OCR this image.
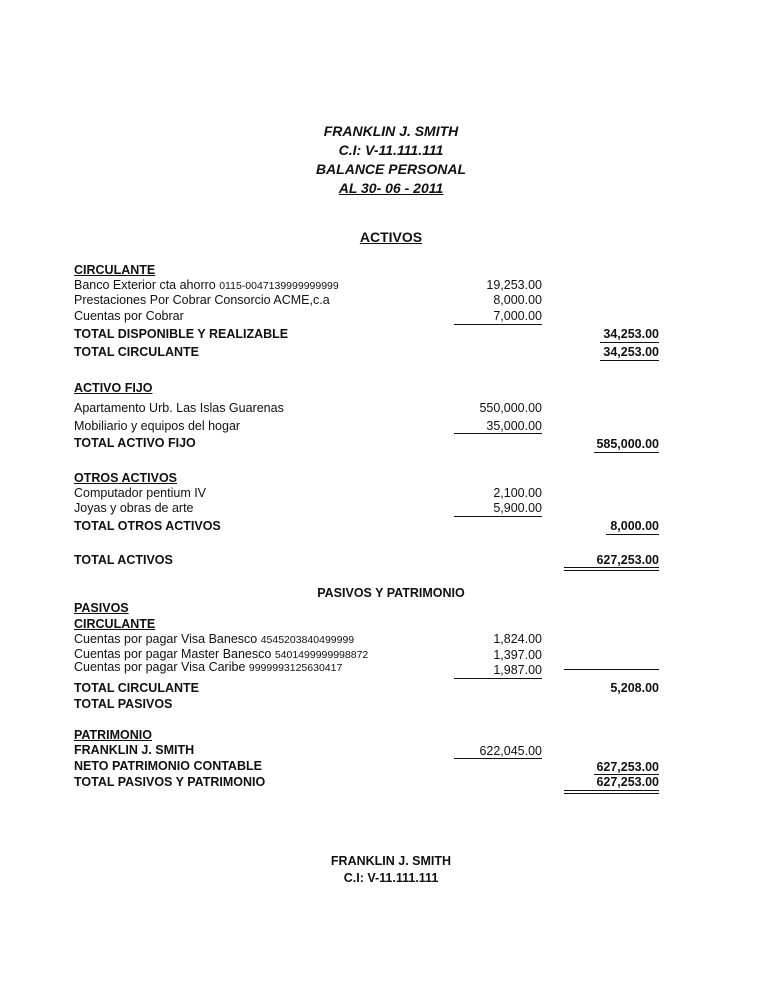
FRANKLIN J. SMITH
C.I: V-11.111.111
BALANCE PERSONAL
AL 30- 06 - 2011
ACTIVOS
CIRCULANTE
Banco Exterior cta ahorro 0115-0047139999999999	19,253.00
Prestaciones Por Cobrar Consorcio ACME,c.a	8,000.00
Cuentas por Cobrar	7,000.00
TOTAL DISPONIBLE Y REALIZABLE	34,253.00
TOTAL CIRCULANTE	34,253.00
ACTIVO FIJO
Apartamento Urb. Las Islas Guarenas	550,000.00
Mobiliario y equipos del hogar	35,000.00
TOTAL ACTIVO FIJO	585,000.00
OTROS ACTIVOS
Computador pentium IV	2,100.00
Joyas y obras de arte	5,900.00
TOTAL OTROS ACTIVOS	8,000.00
TOTAL ACTIVOS	627,253.00
PASIVOS Y PATRIMONIO
PASIVOS
CIRCULANTE
Cuentas por pagar Visa Banesco 4545203840499999	1,824.00
Cuentas por pagar Master Banesco 5401499999998872	1,397.00
Cuentas por pagar Visa Caribe 9999993125630417	1,987.00
TOTAL CIRCULANTE	5,208.00
TOTAL PASIVOS
PATRIMONIO
FRANKLIN J. SMITH	622,045.00
NETO PATRIMONIO CONTABLE	627,253.00
TOTAL PASIVOS Y PATRIMONIO	627,253.00
FRANKLIN J. SMITH
C.I: V-11.111.111
